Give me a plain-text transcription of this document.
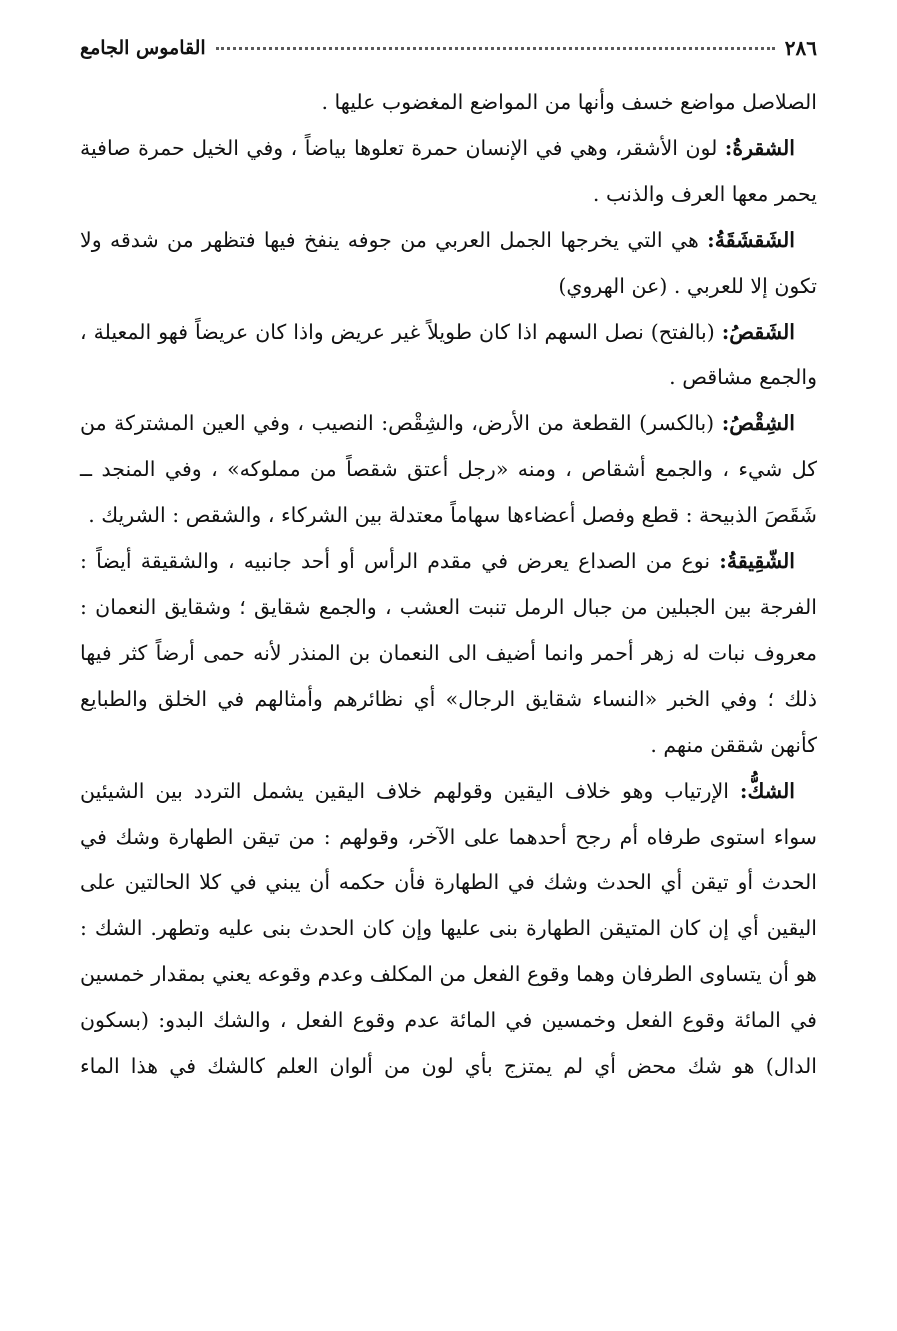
٢٨٦
القاموس الجامع

الصلاصل مواضع خسف وأنها من المواضع المغضوب عليها .

الشقرةُ: لون الأشقر، وهي في الإنسان حمرة تعلوها بياضاً ، وفي الخيل حمرة صافية يحمر معها العرف والذنب .

الشَقشَقَةُ: هي التي يخرجها الجمل العربي من جوفه ينفخ فيها فتظهر من شدقه ولا تكون إلا للعربي . (عن الهروي)

الشَقصُ: (بالفتح) نصل السهم اذا كان طويلاً غير عريض واذا كان عريضاً فهو المعيلة ، والجمع مشاقص .

الشِقْصُ: (بالكسر) القطعة من الأرض، والشِقْص: النصيب ، وفي العين المشتركة من كل شيء ، والجمع أشقاص ، ومنه «رجل أعتق شقصاً من مملوكه» ، وفي المنجد ــ شَقَصَ الذبيحة : قطع وفصل أعضاءها سهاماً معتدلة بين الشركاء ، والشقص : الشريك .

الشّقِيقةُ: نوع من الصداع يعرض في مقدم الرأس أو أحد جانبيه ، والشقيقة أيضاً : الفرجة بين الجبلين من جبال الرمل تنبت العشب ، والجمع شقايق ؛ وشقايق النعمان : معروف نبات له زهر أحمر وانما أضيف الى النعمان بن المنذر لأنه حمى أرضاً كثر فيها ذلك ؛ وفي الخبر «النساء شقايق الرجال» أي نظائرهم وأمثالهم في الخلق والطبايع كأنهن شققن منهم .

الشكُّ: الإرتياب وهو خلاف اليقين وقولهم خلاف اليقين يشمل التردد بين الشيئين سواء استوى طرفاه أم رجح أحدهما على الآخر، وقولهم : من تيقن الطهارة وشك في الحدث أو تيقن أي الحدث وشك في الطهارة فأن حكمه أن يبني في كلا الحالتين على اليقين أي إن كان المتيقن الطهارة بنى عليها وإن كان الحدث بنى عليه وتطهر. الشك : هو أن يتساوى الطرفان وهما وقوع الفعل من المكلف وعدم وقوعه يعني بمقدار خمسين في المائة وقوع الفعل وخمسين في المائة عدم وقوع الفعل ، والشك البدو: (بسكون الدال) هو شك محض أي لم يمتزج بأي لون من ألوان العلم كالشك في هذا الماء
